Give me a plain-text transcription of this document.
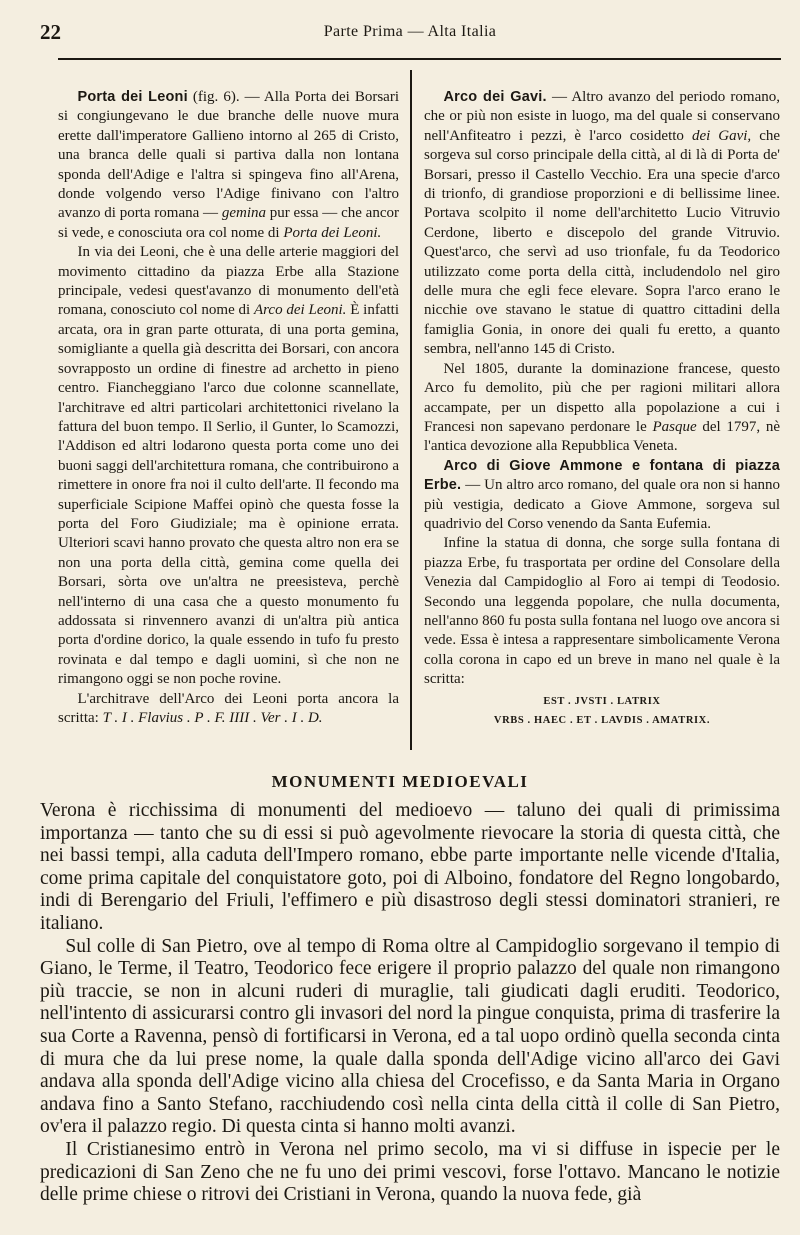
22	Parte Prima — Alta Italia

Porta dei Leoni (fig. 6). — Alla Porta dei Borsari si congiungevano le due branche delle nuove mura erette dall'imperatore Gallieno intorno al 265 di Cristo, una branca delle quali si partiva dalla non lontana sponda dell'Adige e l'altra si spingeva fino all'Arena, donde volgendo verso l'Adige finivano con l'altro avanzo di porta romana — gemina pur essa — che ancor si vede, e conosciuta ora col nome di Porta dei Leoni.

In via dei Leoni, che è una delle arterie maggiori del movimento cittadino da piazza Erbe alla Stazione principale, vedesi quest'avanzo di monumento dell'età romana, conosciuto col nome di Arco dei Leoni. È infatti arcata, ora in gran parte otturata, di una porta gemina, somigliante a quella già descritta dei Borsari, con ancora sovrapposto un ordine di finestre ad archetto in pieno centro. Fiancheggiano l'arco due colonne scannellate, l'architrave ed altri particolari architettonici rivelano la fattura del buon tempo. Il Serlio, il Gunter, lo Scamozzi, l'Addison ed altri lodarono questa porta come uno dei buoni saggi dell'architettura romana, che contribuirono a rimettere in onore fra noi il culto dell'arte. Il fecondo ma superficiale Scipione Maffei opinò che questa fosse la porta del Foro Giudiziale; ma è opinione errata. Ulteriori scavi hanno provato che questa altro non era se non una porta della città, gemina come quella dei Borsari, sòrta ove un'altra ne preesisteva, perchè nell'interno di una casa che a questo monumento fu addossata si rinvennero avanzi di un'altra più antica porta d'ordine dorico, la quale essendo in tufo fu presto rovinata e dal tempo e dagli uomini, sì che non ne rimangono oggi se non poche rovine.

L'architrave dell'Arco dei Leoni porta ancora la scritta: T . I . Flavius . P . F. IIII . Ver . I . D.

Arco dei Gavi. — Altro avanzo del periodo romano, che or più non esiste in luogo, ma del quale si conservano nell'Anfiteatro i pezzi, è l'arco cosidetto dei Gavi, che sorgeva sul corso principale della città, al di là di Porta de' Borsari, presso il Castello Vecchio. Era una specie d'arco di trionfo, di grandiose proporzioni e di bellissime linee. Portava scolpito il nome dell'architetto Lucio Vitruvio Cerdone, liberto e discepolo del grande Vitruvio. Quest'arco, che servì ad uso trionfale, fu da Teodorico utilizzato come porta della città, includendolo nel giro delle mura che egli fece elevare. Sopra l'arco erano le nicchie ove stavano le statue di quattro cittadini della famiglia Gonia, in onore dei quali fu eretto, a quanto sembra, nell'anno 145 di Cristo.

Nel 1805, durante la dominazione francese, questo Arco fu demolito, più che per ragioni militari allora accampate, per un dispetto alla popolazione a cui i Francesi non sapevano perdonare le Pasque del 1797, nè l'antica devozione alla Repubblica Veneta.

Arco di Giove Ammone e fontana di piazza Erbe. — Un altro arco romano, del quale ora non si hanno più vestigia, dedicato a Giove Ammone, sorgeva sul quadrivio del Corso venendo da Santa Eufemia.

Infine la statua di donna, che sorge sulla fontana di piazza Erbe, fu trasportata per ordine del Consolare della Venezia dal Campidoglio al Foro ai tempi di Teodosio. Secondo una leggenda popolare, che nulla documenta, nell'anno 860 fu posta sulla fontana nel luogo ove ancora si vede. Essa è intesa a rappresentare simbolicamente Verona colla corona in capo ed un breve in mano nel quale è la scritta:

EST . JVSTI . LATRIX
VRBS . HAEC . ET . LAVDIS . AMATRIX.
MONUMENTI MEDIOEVALI

Verona è ricchissima di monumenti del medioevo — taluno dei quali di primissima importanza — tanto che su di essi si può agevolmente rievocare la storia di questa città, che nei bassi tempi, alla caduta dell'Impero romano, ebbe parte importante nelle vicende d'Italia, come prima capitale del conquistatore goto, poi di Alboino, fondatore del Regno longobardo, indi di Berengario del Friuli, l'effimero e più disastroso degli stessi dominatori stranieri, re italiano.

Sul colle di San Pietro, ove al tempo di Roma oltre al Campidoglio sorgevano il tempio di Giano, le Terme, il Teatro, Teodorico fece erigere il proprio palazzo del quale non rimangono più traccie, se non in alcuni ruderi di muraglie, tali giudicati dagli eruditi. Teodorico, nell'intento di assicurarsi contro gli invasori del nord la pingue conquista, prima di trasferire la sua Corte a Ravenna, pensò di fortificarsi in Verona, ed a tal uopo ordinò quella seconda cinta di mura che da lui prese nome, la quale dalla sponda dell'Adige vicino all'arco dei Gavi andava alla sponda dell'Adige vicino alla chiesa del Crocefisso, e da Santa Maria in Organo andava fino a Santo Stefano, racchiudendo così nella cinta della città il colle di San Pietro, ov'era il palazzo regio. Di questa cinta si hanno molti avanzi.

Il Cristianesimo entrò in Verona nel primo secolo, ma vi si diffuse in ispecie per le predicazioni di San Zeno che ne fu uno dei primi vescovi, forse l'ottavo. Mancano le notizie delle prime chiese o ritrovi dei Cristiani in Verona, quando la nuova fede, già
